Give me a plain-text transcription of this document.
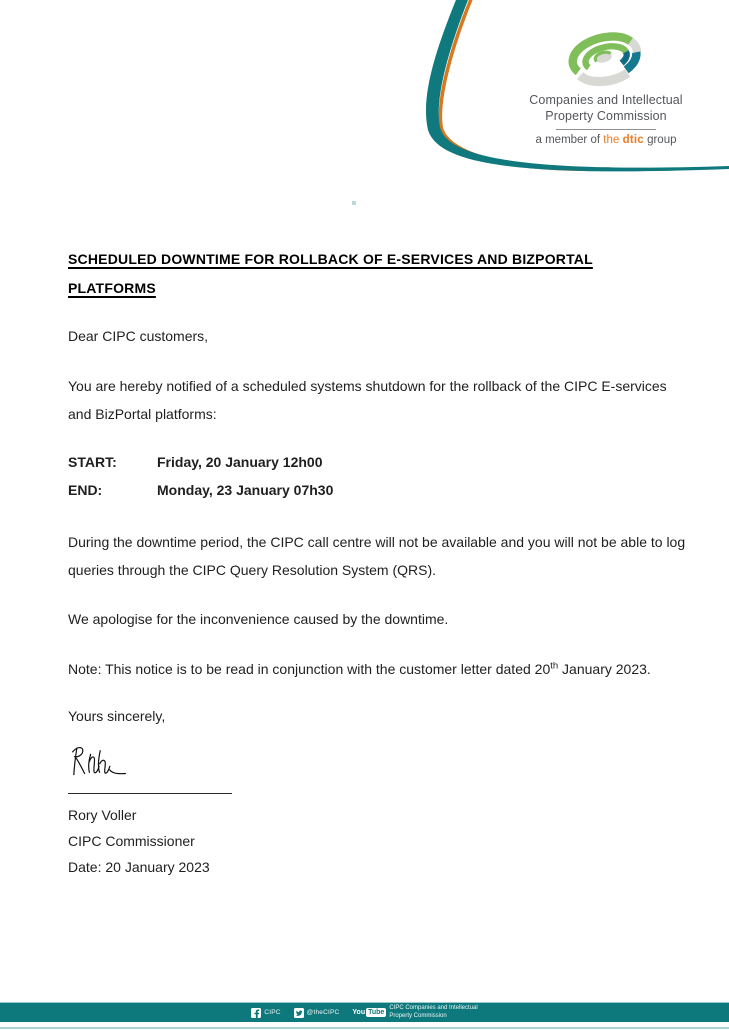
Companies and Intellectual
Property Commission
a member of the dtic group
SCHEDULED DOWNTIME FOR ROLLBACK OF E-SERVICES AND BIZPORTAL
PLATFORMS

Dear CIPC customers,

You are hereby notified of a scheduled systems shutdown for the rollback of the CIPC E-services and BizPortal platforms:

START:	Friday, 20 January 12h00
END:	Monday, 23 January 07h30

During the downtime period, the CIPC call centre will not be available and you will not be able to log queries through the CIPC Query Resolution System (QRS).

We apologise for the inconvenience caused by the downtime.

Note: This notice is to be read in conjunction with the customer letter dated 20th January 2023.

Yours sincerely,

Rory Voller
CIPC Commissioner
Date: 20 January 2023
CIPC	@theCIPC You Tube
CIPC Companies and Intellectual
Property Commission
